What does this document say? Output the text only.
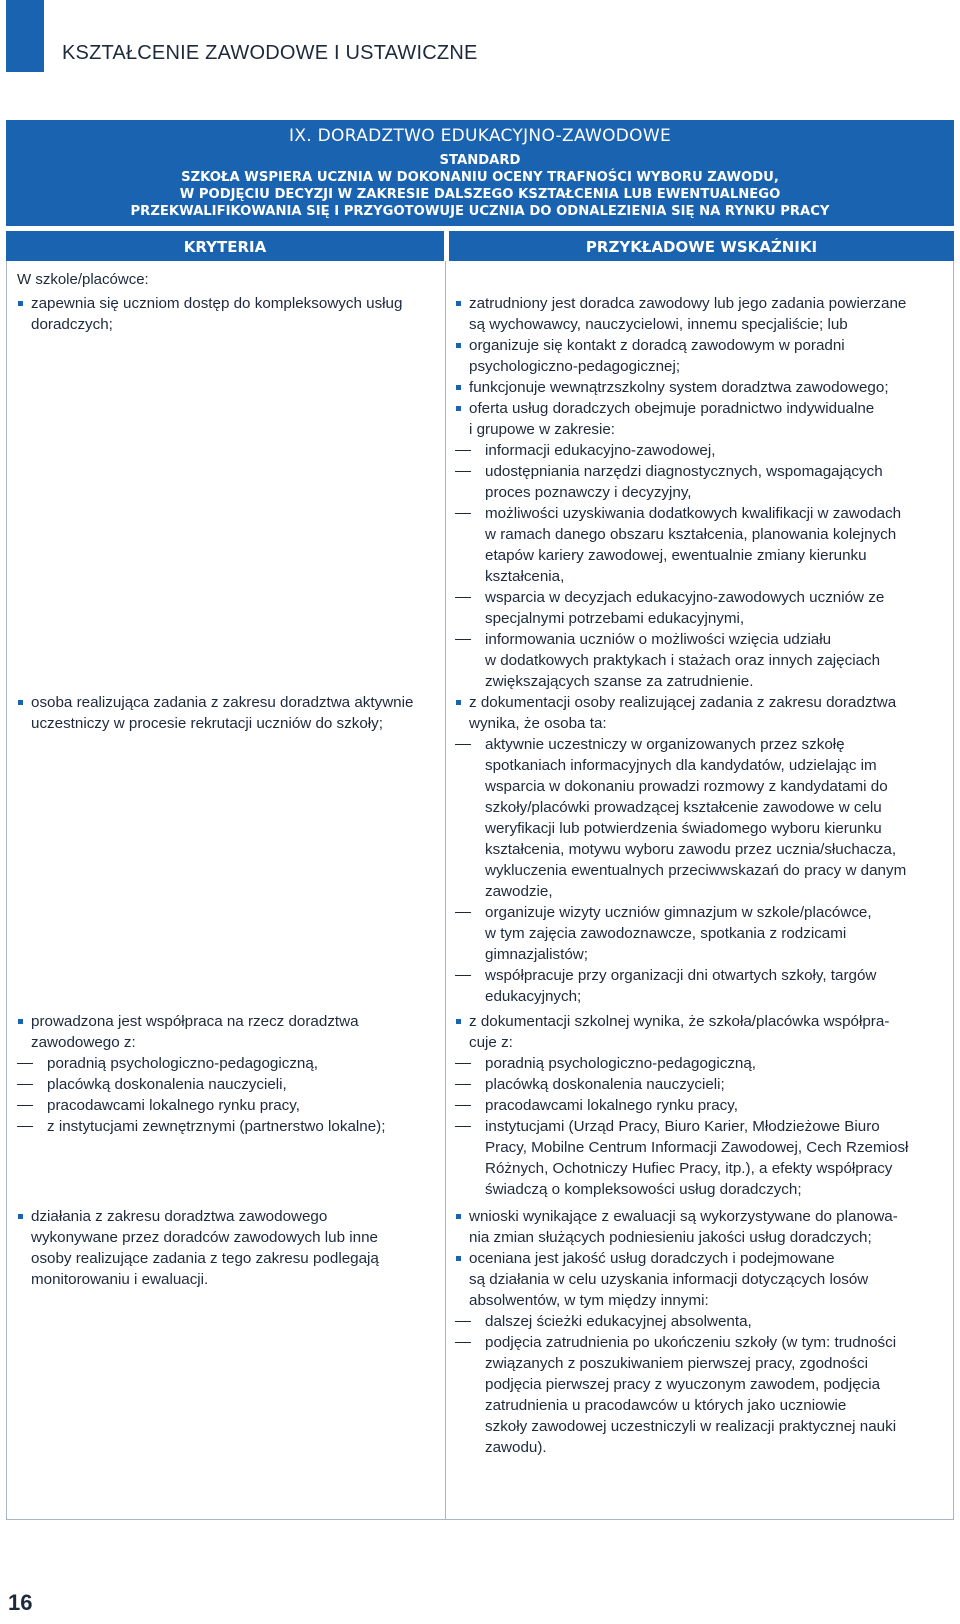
KSZTAŁCENIE ZAWODOWE I USTAWICZNE
IX. DORADZTWO EDUKACYJNO-ZAWODOWE
STANDARD
SZKOŁA WSPIERA UCZNIA W DOKONANIU OCENY TRAFNOŚCI WYBORU ZAWODU,
W PODJĘCIU DECYZJI W ZAKRESIE DALSZEGO KSZTAŁCENIA LUB EWENTUALNEGO
PRZEKWALIFIKOWANIA SIĘ I PRZYGOTOWUJE UCZNIA DO ODNALEZIENIA SIĘ NA RYNKU PRACY
KRYTERIA	PRZYKŁADOWE WSKAŹNIKI
W szkole/placówce:
zapewnia się uczniom dostęp do kompleksowych usług
doradczych;
zatrudniony jest doradca zawodowy lub jego zadania powierzane
są wychowawcy, nauczycielowi, innemu specjaliście; lub
organizuje się kontakt z doradcą zawodowym w poradni
psychologiczno-pedagogicznej;
funkcjonuje wewnątrzszkolny system doradztwa zawodowego;
oferta usług doradczych obejmuje poradnictwo indywidualne
i grupowe w zakresie:
informacji edukacyjno-zawodowej,
udostępniania narzędzi diagnostycznych, wspomagających
proces poznawczy i decyzyjny,
możliwości uzyskiwania dodatkowych kwalifikacji w zawodach
w ramach danego obszaru kształcenia, planowania kolejnych
etapów kariery zawodowej, ewentualnie zmiany kierunku
kształcenia,
wsparcia w decyzjach edukacyjno-zawodowych uczniów ze
specjalnymi potrzebami edukacyjnymi,
informowania uczniów o możliwości wzięcia udziału
w dodatkowych praktykach i stażach oraz innych zajęciach
zwiększających szanse za zatrudnienie.
osoba realizująca zadania z zakresu doradztwa aktywnie
uczestniczy w procesie rekrutacji uczniów do szkoły;
z dokumentacji osoby realizującej zadania z zakresu doradztwa
wynika, że osoba ta:
aktywnie uczestniczy w organizowanych przez szkołę
spotkaniach informacyjnych dla kandydatów, udzielając im
wsparcia w dokonaniu prowadzi rozmowy z kandydatami do
szkoły/placówki prowadzącej kształcenie zawodowe w celu
weryfikacji lub potwierdzenia świadomego wyboru kierunku
kształcenia, motywu wyboru zawodu przez ucznia/słuchacza,
wykluczenia ewentualnych przeciwwskazań do pracy w danym
zawodzie,
organizuje wizyty uczniów gimnazjum w szkole/placówce,
w tym zajęcia zawodoznawcze, spotkania z rodzicami
gimnazjalistów;
współpracuje przy organizacji dni otwartych szkoły, targów
edukacyjnych;
prowadzona jest współpraca na rzecz doradztwa
zawodowego z:
poradnią psychologiczno-pedagogiczną,
placówką doskonalenia nauczycieli,
pracodawcami lokalnego rynku pracy,
z instytucjami zewnętrznymi (partnerstwo lokalne);
z dokumentacji szkolnej wynika, że szkoła/placówka współpra-
cuje z:
poradnią psychologiczno-pedagogiczną,
placówką doskonalenia nauczycieli;
pracodawcami lokalnego rynku pracy,
instytucjami (Urząd Pracy, Biuro Karier, Młodzieżowe Biuro
Pracy, Mobilne Centrum Informacji Zawodowej, Cech Rzemiosł
Różnych, Ochotniczy Hufiec Pracy, itp.), a efekty współpracy
świadczą o kompleksowości usług doradczych;
działania z zakresu doradztwa zawodowego
wykonywane przez doradców zawodowych lub inne
osoby realizujące zadania z tego zakresu podlegają
monitorowaniu i ewaluacji.
wnioski wynikające z ewaluacji są wykorzystywane do planowa-
nia zmian służących podniesieniu jakości usług doradczych;
oceniana jest jakość usług doradczych i podejmowane
są działania w celu uzyskania informacji dotyczących losów
absolwentów, w tym między innymi:
dalszej ścieżki edukacyjnej absolwenta,
podjęcia zatrudnienia po ukończeniu szkoły (w tym: trudności
związanych z poszukiwaniem pierwszej pracy, zgodności
podjęcia pierwszej pracy z wyuczonym zawodem, podjęcia
zatrudnienia u pracodawców u których jako uczniowie
szkoły zawodowej uczestniczyli w realizacji praktycznej nauki
zawodu).
16
